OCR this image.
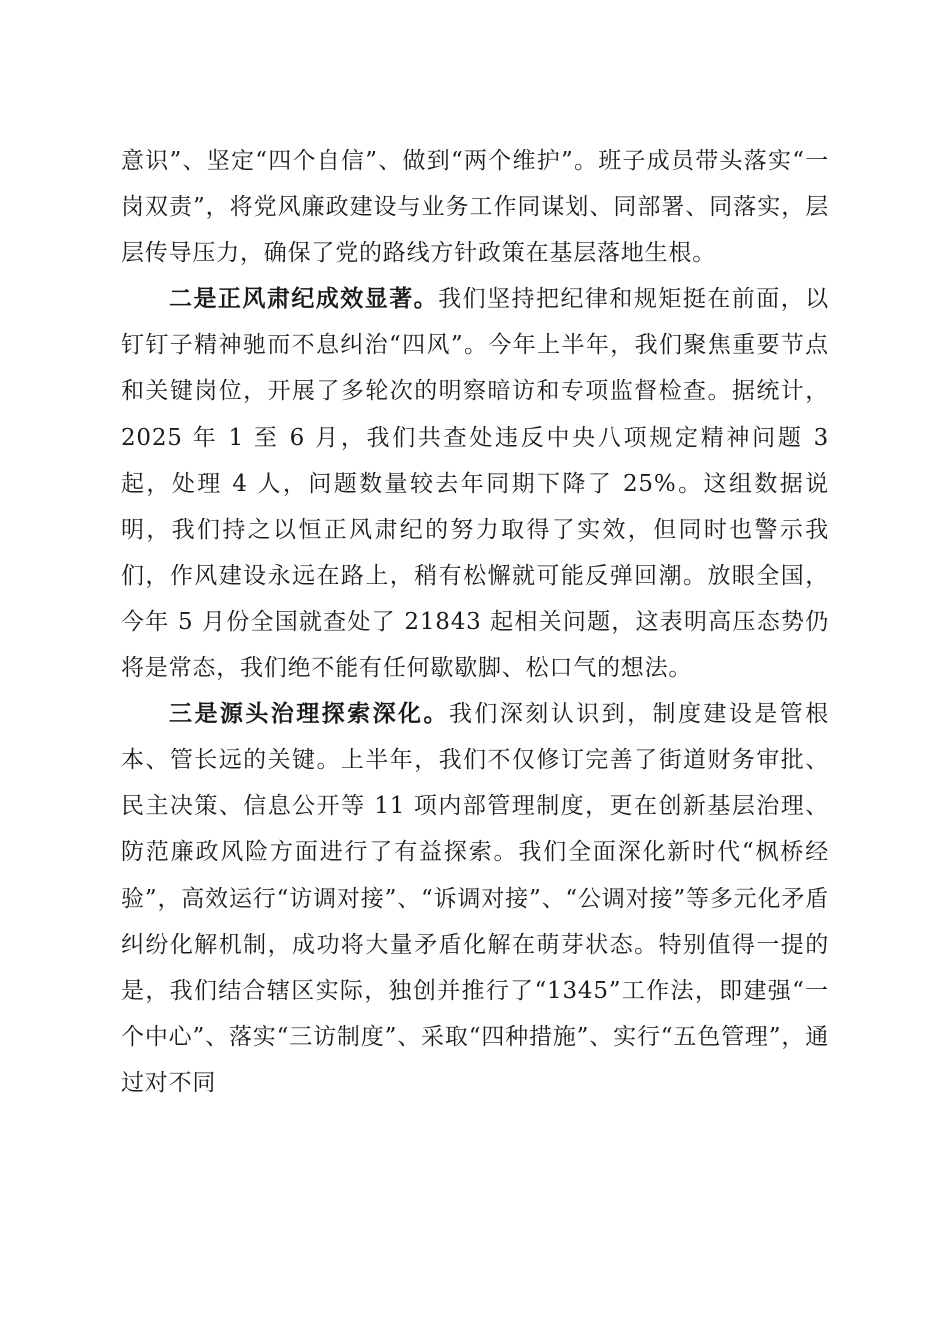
意识”、坚定“四个自信”、做到“两个维护”。班子成员带头落实“一岗双责”，将党风廉政建设与业务工作同谋划、同部署、同落实，层层传导压力，确保了党的路线方针政策在基层落地生根。

二是正风肃纪成效显著。我们坚持把纪律和规矩挺在前面，以钉钉子精神驰而不息纠治“四风”。今年上半年，我们聚焦重要节点和关键岗位，开展了多轮次的明察暗访和专项监督检查。据统计，2025 年 1 至 6 月，我们共查处违反中央八项规定精神问题 3 起，处理 4 人，问题数量较去年同期下降了 25%。这组数据说明，我们持之以恒正风肃纪的努力取得了实效，但同时也警示我们，作风建设永远在路上，稍有松懈就可能反弹回潮。放眼全国，今年 5 月份全国就查处了 21843 起相关问题，这表明高压态势仍将是常态，我们绝不能有任何歇歇脚、松口气的想法。

三是源头治理探索深化。我们深刻认识到，制度建设是管根本、管长远的关键。上半年，我们不仅修订完善了街道财务审批、民主决策、信息公开等 11 项内部管理制度，更在创新基层治理、防范廉政风险方面进行了有益探索。我们全面深化新时代“枫桥经验”，高效运行“访调对接”、“诉调对接”、“公调对接”等多元化矛盾纠纷化解机制，成功将大量矛盾化解在萌芽状态。特别值得一提的是，我们结合辖区实际，独创并推行了“1345”工作法，即建强“一个中心”、落实“三访制度”、采取“四种措施”、实行“五色管理”，通过对不同
